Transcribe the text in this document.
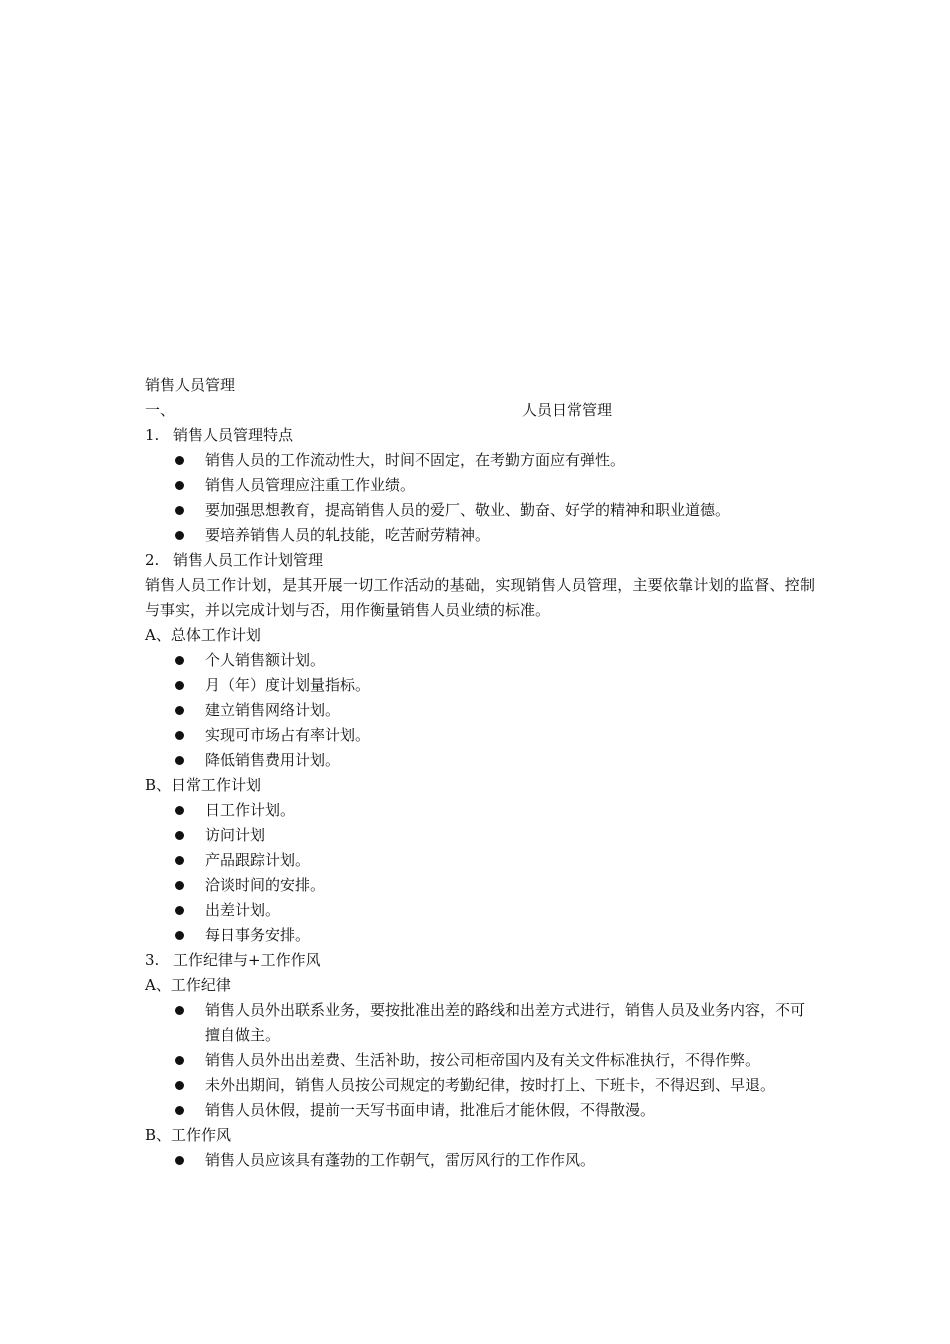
销售人员管理
一、	人员日常管理
1. 销售人员管理特点
销售人员的工作流动性大，时间不固定，在考勤方面应有弹性。
销售人员管理应注重工作业绩。
要加强思想教育，提高销售人员的爱厂、敬业、勤奋、好学的精神和职业道德。
要培养销售人员的轧技能，吃苦耐劳精神。
2. 销售人员工作计划管理
销售人员工作计划，是其开展一切工作活动的基础，实现销售人员管理，主要依靠计划的监督、控制与事实，并以完成计划与否，用作衡量销售人员业绩的标准。
A、总体工作计划
个人销售额计划。
月（年）度计划量指标。
建立销售网络计划。
实现可市场占有率计划。
降低销售费用计划。
B、日常工作计划
日工作计划。
访问计划
产品跟踪计划。
洽谈时间的安排。
出差计划。
每日事务安排。
3. 工作纪律与+工作作风
A、工作纪律
销售人员外出联系业务，要按批准出差的路线和出差方式进行，销售人员及业务内容，不可擅自做主。
销售人员外出出差费、生活补助，按公司柜帝国内及有关文件标准执行，不得作弊。
未外出期间，销售人员按公司规定的考勤纪律，按时打上、下班卡，不得迟到、早退。
销售人员休假，提前一天写书面申请，批准后才能休假，不得散漫。
B、工作作风
销售人员应该具有蓬勃的工作朝气，雷厉风行的工作作风。
